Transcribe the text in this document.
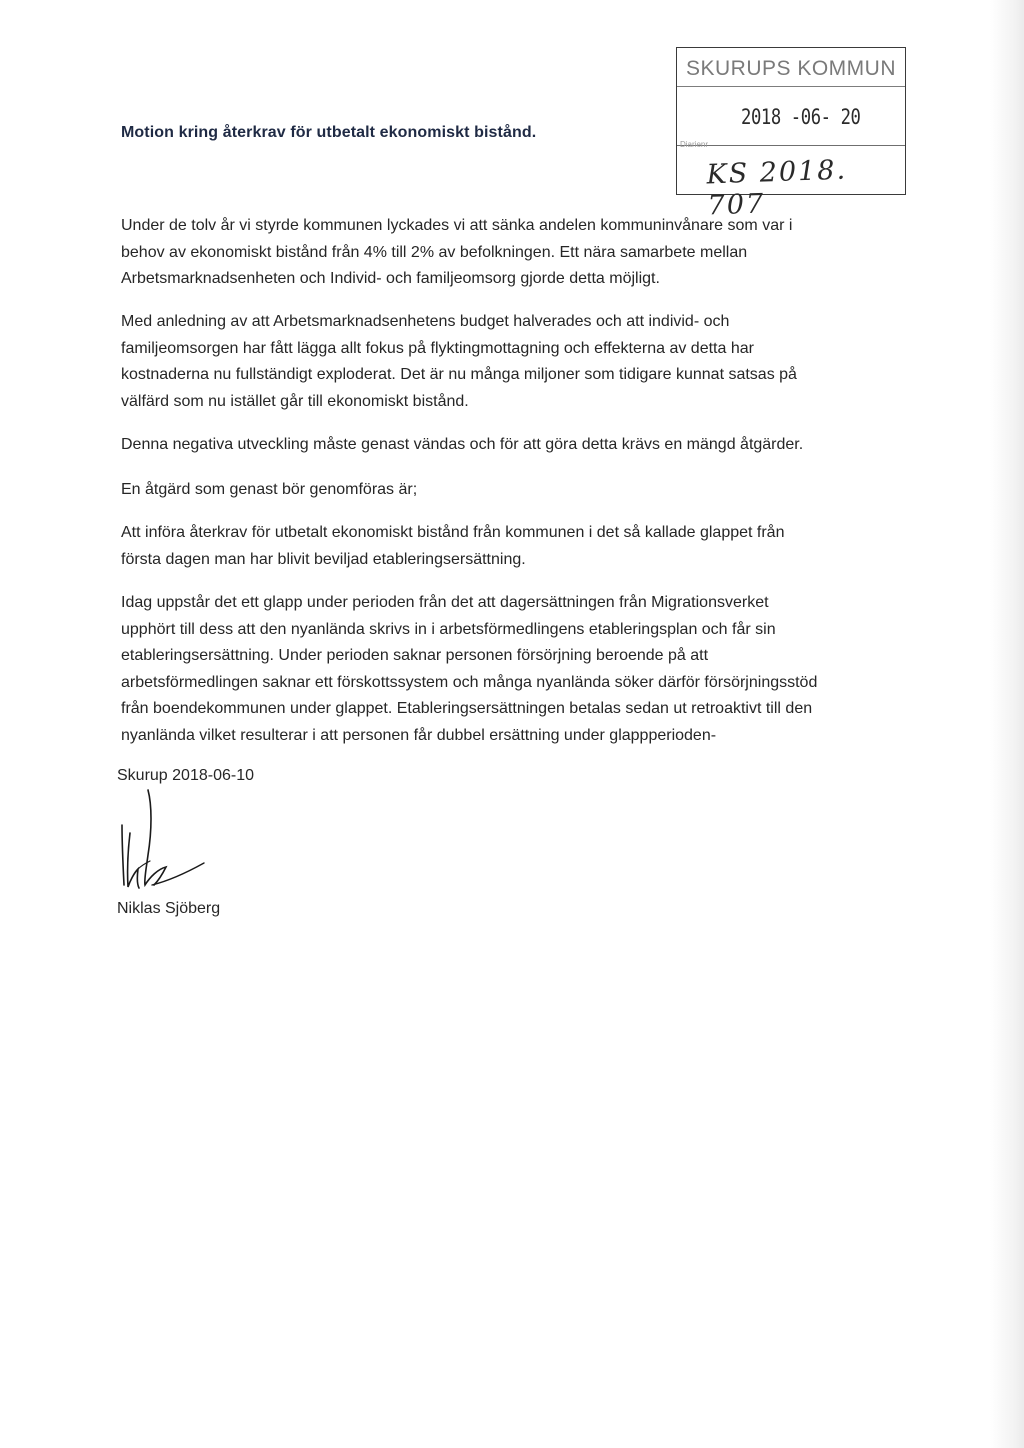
Motion kring återkrav för utbetalt ekonomiskt bistånd.
SKURUPS KOMMUN
2018 -06- 20
Diarienr
KS 2018. 707

Under de tolv år vi styrde kommunen lyckades vi att sänka andelen kommuninvånare som var i
behov av ekonomiskt bistånd från 4% till 2% av befolkningen. Ett nära samarbete mellan
Arbetsmarknadsenheten och Individ- och familjeomsorg gjorde detta möjligt.

Med anledning av att Arbetsmarknadsenhetens budget halverades och att individ- och
familjeomsorgen har fått lägga allt fokus på flyktingmottagning och effekterna av detta har
kostnaderna nu fullständigt exploderat. Det är nu många miljoner som tidigare kunnat satsas på
välfärd som nu istället går till ekonomiskt bistånd.

Denna negativa utveckling måste genast vändas och för att göra detta krävs en mängd åtgärder.

En åtgärd som genast bör genomföras är;

Att införa återkrav för utbetalt ekonomiskt bistånd från kommunen i det så kallade glappet från
första dagen man har blivit beviljad etableringsersättning.

Idag uppstår det ett glapp under perioden från det att dagersättningen från Migrationsverket
upphört till dess att den nyanlända skrivs in i arbetsförmedlingens etableringsplan och får sin
etableringsersättning. Under perioden saknar personen försörjning beroende på att
arbetsförmedlingen saknar ett förskottssystem och många nyanlända söker därför försörjningsstöd
från boendekommunen under glappet. Etableringsersättningen betalas sedan ut retroaktivt till den
nyanlända vilket resulterar i att personen får dubbel ersättning under glappperioden-

Skurup 2018-06-10
Niklas Sjöberg
